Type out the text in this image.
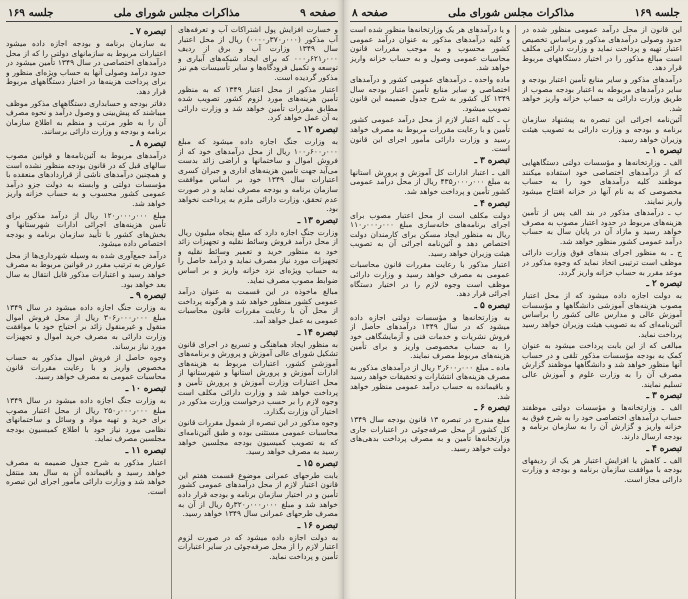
صفحه ۹
مذاکرات مجلس شورای ملی
جلسه ۱۶۹

و خسارت افزایش پول اشتراکات آب و تعرفه‌های آب مذکور (۰۰۰ر۳۷۰ر۰۰۰۰) ریال از محل اعتبار سال ۱۳۴۹ وزارت آب و برق از ردیف ۰۰۰ر۶۲۱ر۰۰۰ که برای ایجاد شبکه‌های آبیاری و توسعه و تکمیل فرودگاه‌ها و سایر تأسیسات هم نیز مذکور گردیده است.

اعتبار مذکور از محل اعتبار ۱۳۴۹ که به منظور تأمین هزینه‌های مورد لزوم کشور تصویب شده مطابق مقررات تأمین خواهد شد و وزارت دارائی به آن عمل خواهد کرد.

تبصره ۱۲ ـ

به وزارت جنگ اجازه داده میشود که مبلغ ۰۰۰ر۶۰۰ر۱۰۰ ریال از محل درآمدهای خود که از فروش اموال و ساختمانها و اراضی زائد بدست می‌آید جهت تأمین هزینه‌های اداری و جبران کسری اعتبارات سال ۱۳۴۹ خود بر اساس موافقت سازمان برنامه و بودجه مصرف نماید و در صورت عدم تحقق، وزارت دارائی ملزم به پرداخت نخواهد بود.

تبصره ۱۳ ـ

وزارت جنگ اجازه دارد که مبلغ پنجاه میلیون ریال از محل درآمد فروش وسائط نقلیه و تجهیزات زائد خود به منظور خرید و تعمیر وسائط نقلیه و تجهیزات مورد نیاز مصرف نماید و درآمد حاصل را به حساب ویژه‌ای نزد خزانه واریز و بر اساس ضوابط مصوب مصرف نماید.

مبالغ ماخوذه در این قسمت به عنوان درآمد عمومی کشور منظور خواهد شد و هرگونه پرداخت از محل آن با رعایت مقررات قانون محاسبات عمومی به عمل خواهد آمد.

تبصره ۱۴ ـ

به منظور ایجاد هماهنگی و تسریع در اجرای قانون تشکیل شورای عالی آموزش و پرورش و برنامه‌های آموزشی کشور، اعتبارات مربوط به هزینه‌های ادارات آموزش و پرورش استانها و شهرستانها از محل اعتبارات وزارت آموزش و پرورش تأمین و پرداخت خواهد شد و وزارت دارائی مکلف است وجوه لازم را بر حسب درخواست وزارت مذکور در اختیار آن وزارت بگذارد.

وجوه مذکور در این تبصره از شمول مقررات قانون محاسبات عمومی مستثنی بوده و طبق آئین‌نامه‌ای که به تصویب کمیسیون بودجه مجلسین خواهد رسید به مصرف خواهد رسید.

تبصره ۱۵ ـ

بابت طرحهای عمرانی موضوع قسمت هفتم این قانون اعتبار لازم از محل درآمدهای عمومی کشور تأمین و در اختیار سازمان برنامه و بودجه قرار داده خواهد شد و مبلغ ۰۰۰ر۰۰۰ر۳۲۰ر۵ ریال از آن به مصرف طرحهای عمرانی سال ۱۳۴۹ خواهد رسید.

تبصره ۱۶ ـ

به دولت اجازه داده میشود که در صورت لزوم اعتبار لازم را از محل صرفه‌جوئی در سایر اعتبارات تأمین و پرداخت نماید.

تبصره ۷ ـ

به سازمان برنامه و بودجه اجازه داده میشود اعتبارات مربوط به سازمانهای دولتی را که از محل درآمدهای اختصاصی در سال ۱۳۴۹ تأمین میشود در حدود درآمد وصولی آنها به حساب ویژه‌ای منظور و برای پرداخت هزینه‌ها در اختیار دستگاههای مربوط قرار دهد.

دفاتر بودجه و حسابداری دستگاههای مذکور موظف میباشند که پیش‌بینی و وصول درآمد و نحوه مصرف آن را به طور مرتب و منظم به اطلاع سازمان برنامه و بودجه و وزارت دارائی برسانند.

تبصره ۸ ـ

درآمدهای مربوط به آئین‌نامه‌ها و قوانین مصوب سالهای قبل که در قانون بودجه منظور نشده است و همچنین درآمدهای ناشی از قراردادهای منعقده با مؤسسات دولتی و وابسته به دولت جزو درآمد عمومی کشور محسوب و به حساب خزانه واریز خواهد شد.

مبلغ ۰۰۰ر۰۰۰ر۱۲۰ ریال از درآمد مذکور برای تأمین هزینه‌های اجرائی ادارات شهرستانها و بخش‌های کشور با تأیید سازمان برنامه و بودجه اختصاص داده میشود.

درآمد جمع‌آوری شده به وسیله شهرداری‌ها از محل عوارض به ترتیب مقرر در قوانین مربوط به مصرف خواهد رسید و اعتبارات مذکور قابل انتقال به سال بعد خواهد بود.

تبصره ۹ ـ

به وزارت جنگ اجازه داده میشود در سال ۱۳۴۹ مبلغ ۰۰۰ر۰۰۰ر۳۰۶ ریال از محل فروش اموال منقول و غیرمنقول زائد بر احتیاج خود با موافقت وزارت دارائی به مصرف خرید اموال و تجهیزات مورد نیاز برساند.

وجوه حاصل از فروش اموال مذکور به حساب مخصوص واریز و با رعایت مقررات قانون محاسبات عمومی به مصرف خواهد رسید.

تبصره ۱۰ ـ

به وزارت جنگ اجازه داده میشود در سال ۱۳۴۹ مبلغ ۰۰۰ر۰۰۰ر۲۵۰ ریال از محل اعتبار مصوب برای خرید و تهیه مواد و وسائل و ساختمانهای نظامی مورد نیاز خود با اطلاع کمیسیون بودجه مجلسین مصرف نماید.

تبصره ۱۱ ـ

اعتبار مذکور به شرح جدول ضمیمه به مصرف خواهد رسید و باقیمانده آن به سال بعد منتقل خواهد شد و وزارت دارائی مأمور اجرای این تبصره است.

جلسه ۱۶۹
مذاکرات مجلس شورای ملی
صفحه ۸

این قانون از محل درآمد عمومی منظور شده در حدود وصولی درآمدهای مذکور و براساس تخصیص اعتبار تهیه و پرداخت نماید و وزارت دارائی مکلف است مبالغ مذکور را در اختیار دستگاههای مربوط قرار دهد.

درآمدهای مذکور و سایر منابع تأمین اعتبار بودجه و سایر درآمدهای مربوطه به اعتبار بودجه مصوب از طریق وزارت دارائی به حساب خزانه واریز خواهد شد.

آئین‌نامه اجرائی این تبصره به پیشنهاد سازمان برنامه و بودجه و وزارت دارائی به تصویب هیئت وزیران خواهد رسید.

تبصره ۱ ـ

الف ـ وزارتخانه‌ها و مؤسسات دولتی دستگاههایی که از درآمدهای اختصاصی خود استفاده میکنند موظفند کلیه درآمدهای خود را به حساب مخصوصی که به نام آنها در خزانه افتتاح میشود واریز نمایند.

ب ـ درآمدهای مذکور در بند الف پس از تأمین هزینه‌های مربوط در حدود اعتبار مصوب به مصرف خواهد رسید و مازاد آن در پایان سال به حساب درآمد عمومی کشور منظور خواهد شد.

ج ـ به منظور اجرای بندهای فوق وزارت دارائی موظف است ترتیبی اتخاذ نماید که وجوه مذکور در موعد مقرر به حساب خزانه واریز گردد.

تبصره ۲ ـ

به دولت اجازه داده میشود که از محل اعتبار مصوب هزینه‌های آموزشی دانشگاهها و مؤسسات آموزش عالی و مدارس عالی کشور را براساس آئین‌نامه‌ای که به تصویب هیئت وزیران خواهد رسید پرداخت نماید.

مبالغی که از این بابت پرداخت میشود به عنوان کمک به بودجه مؤسسات مذکور تلقی و در حساب آنها منظور خواهد شد و دانشگاهها موظفند گزارش مصرف آن را به وزارت علوم و آموزش عالی تسلیم نمایند.

تبصره ۳ ـ

الف ـ وزارتخانه‌ها و مؤسسات دولتی موظفند حساب درآمدهای اختصاصی خود را به شرح فوق به خزانه واریز و گزارش آن را به سازمان برنامه و بودجه ارسال دارند.

تبصره ۴ ـ

الف ـ کاهش یا افزایش اعتبار هر یک از ردیفهای بودجه با موافقت سازمان برنامه و بودجه و وزارت دارائی مجاز است.

و یا درآمدهای هر یک وزارتخانه‌ها منظور شده است و کلیه درآمدهای مذکور به عنوان درآمد عمومی کشور محسوب و به موجب مقررات قانون محاسبات عمومی وصول و به حساب خزانه واریز خواهد شد.

ماده واحده ـ درآمدهای عمومی کشور و درآمدهای اختصاصی و سایر منابع تأمین اعتبار بودجه سال ۱۳۴۹ کل کشور به شرح جدول ضمیمه این قانون تصویب میشود.

ب ـ کلیه اعتبار لازم از محل درآمد عمومی کشور تأمین و با رعایت مقررات مربوط به مصرف خواهد رسید و وزارت دارائی مأمور اجرای این قانون است.

تبصره ۳ ـ

الف ـ اعتبار ادارات کل آموزش و پرورش استانها به مبلغ ۰۰۰ر۰۰۰ر۴۳۵ ریال از محل درآمد عمومی کشور تأمین و پرداخت خواهد شد.

تبصره ۴ ـ

دولت مکلف است از محل اعتبار مصوب برای اجرای برنامه‌های خانه‌سازی مبلغ ۰۰۰ر۰۰۰ر۱۱۰ ریال به منظور ایجاد مسکن برای کارمندان دولت اختصاص دهد و آئین‌نامه اجرائی آن به تصویب هیئت وزیران خواهد رسید.

اعتبار مذکور با رعایت مقررات قانون محاسبات عمومی به مصرف خواهد رسید و وزارت دارائی موظف است وجوه لازم را در اختیار دستگاه اجرائی قرار دهد.

تبصره ۵ ـ

به وزارتخانه‌ها و مؤسسات دولتی اجازه داده میشود که در سال ۱۳۴۹ درآمدهای حاصل از فروش نشریات و خدمات فنی و آزمایشگاهی خود را به حساب مخصوصی واریز و برای تأمین هزینه‌های مربوط مصرف نمایند.

ماده ـ مبلغ ۰۰۰ر۶۰۰ر۲ ریال از درآمدهای مذکور به مصرف هزینه‌های انتشارات و تحقیقات خواهد رسید و باقیمانده به حساب درآمد عمومی منظور خواهد شد.

تبصره ۶ ـ

مبلغ مندرج در تبصره ۱۳ قانون بودجه سال ۱۳۴۹ کل کشور از محل صرفه‌جوئی در اعتبارات جاری وزارتخانه‌ها تأمین و به مصرف پرداخت بدهی‌های دولت خواهد رسید.
